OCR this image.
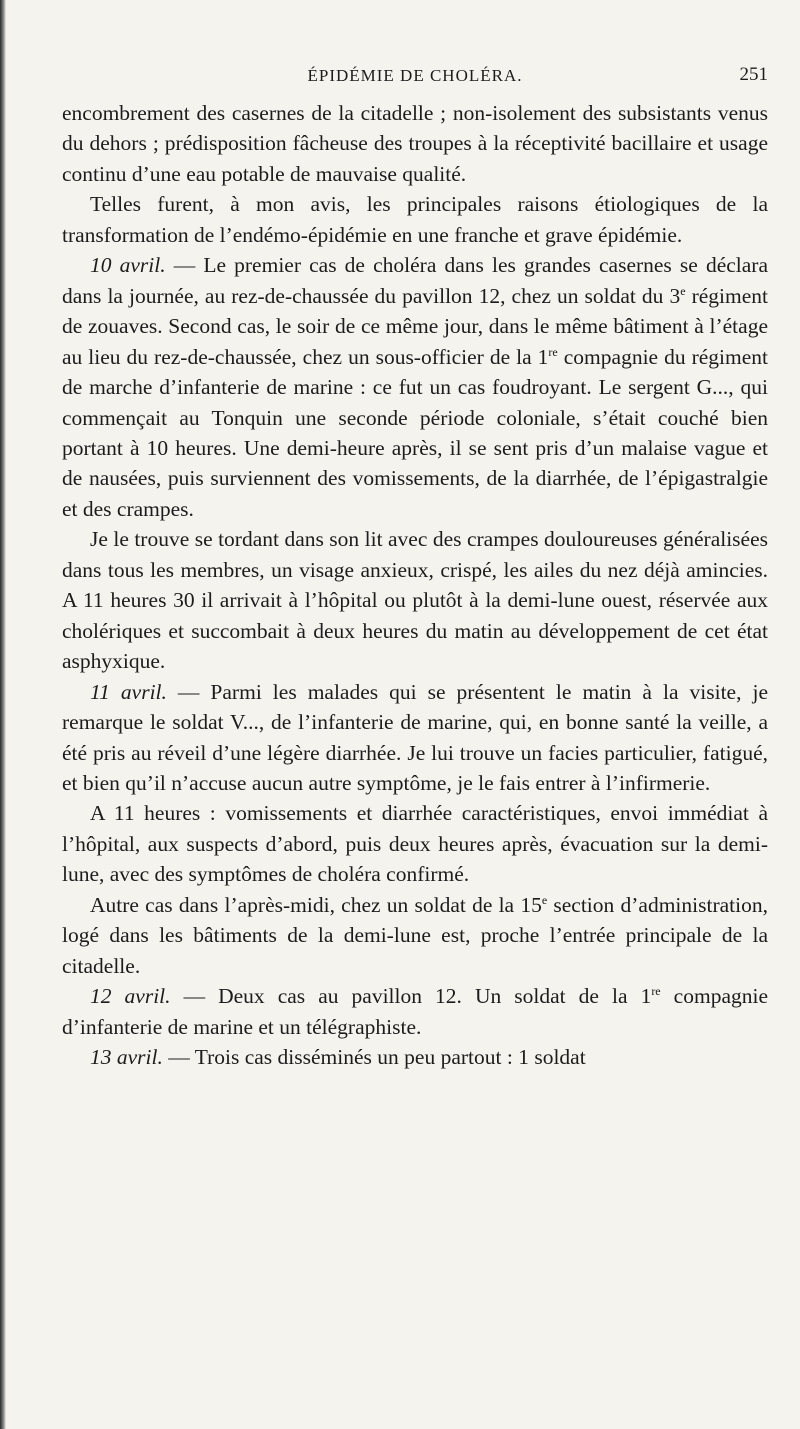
ÉPIDÉMIE DE CHOLÉRA.	251

encombrement des casernes de la citadelle ; non-isolement des subsistants venus du dehors ; prédisposition fâcheuse des troupes à la réceptivité bacillaire et usage continu d’une eau potable de mauvaise qualité.

Telles furent, à mon avis, les principales raisons étiologiques de la transformation de l’endémo-épidémie en une franche et grave épidémie.

10 avril. — Le premier cas de choléra dans les grandes casernes se déclara dans la journée, au rez-de-chaussée du pavillon 12, chez un soldat du 3e régiment de zouaves. Second cas, le soir de ce même jour, dans le même bâtiment à l’étage au lieu du rez-de-chaussée, chez un sous-officier de la 1re compagnie du régiment de marche d’infanterie de marine : ce fut un cas foudroyant. Le sergent G..., qui commençait au Tonquin une seconde période coloniale, s’était couché bien portant à 10 heures. Une demi-heure après, il se sent pris d’un malaise vague et de nausées, puis surviennent des vomissements, de la diarrhée, de l’épigastralgie et des crampes.

Je le trouve se tordant dans son lit avec des crampes douloureuses généralisées dans tous les membres, un visage anxieux, crispé, les ailes du nez déjà amincies. A 11 heures 30 il arrivait à l’hôpital ou plutôt à la demi-lune ouest, réservée aux cholériques et succombait à deux heures du matin au développement de cet état asphyxique.

11 avril. — Parmi les malades qui se présentent le matin à la visite, je remarque le soldat V..., de l’infanterie de marine, qui, en bonne santé la veille, a été pris au réveil d’une légère diarrhée. Je lui trouve un facies particulier, fatigué, et bien qu’il n’accuse aucun autre symptôme, je le fais entrer à l’infirmerie.

A 11 heures : vomissements et diarrhée caractéristiques, envoi immédiat à l’hôpital, aux suspects d’abord, puis deux heures après, évacuation sur la demi-lune, avec des symptômes de choléra confirmé.

Autre cas dans l’après-midi, chez un soldat de la 15e section d’administration, logé dans les bâtiments de la demi-lune est, proche l’entrée principale de la citadelle.

12 avril. — Deux cas au pavillon 12. Un soldat de la 1re compagnie d’infanterie de marine et un télégraphiste.

13 avril. — Trois cas disséminés un peu partout : 1 soldat
